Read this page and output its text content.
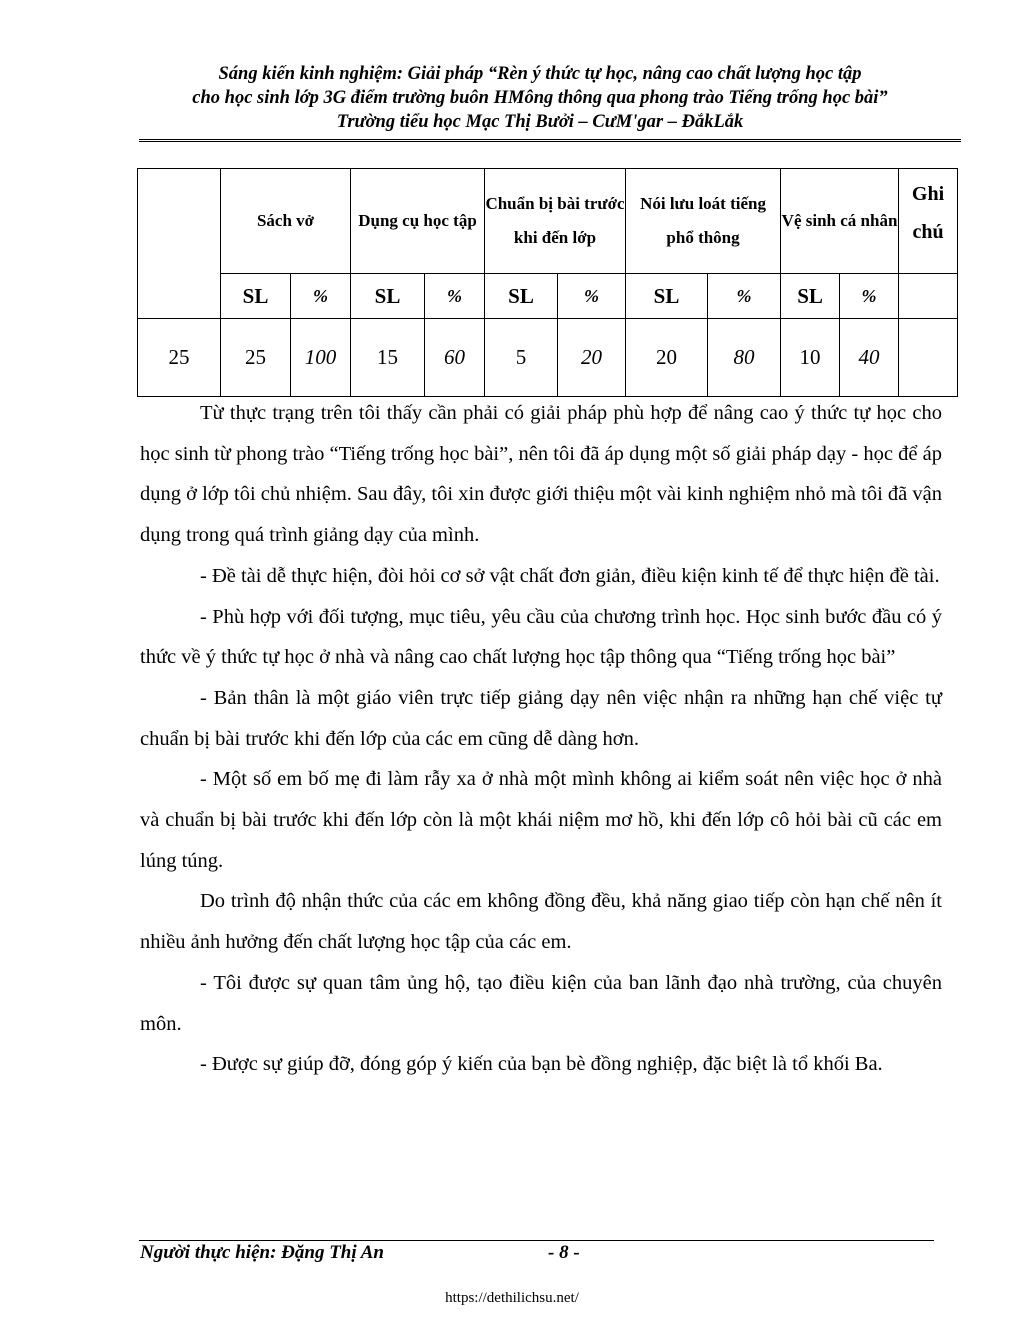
Sáng kiến kinh nghiệm: Giải pháp “Rèn ý thức tự học, nâng cao chất lượng học tập
cho học sinh lớp 3G điểm trường buôn HMông thông qua phong trào Tiếng trống học bài”
Trường tiểu học Mạc Thị Bưởi – CưM'gar – ĐắkLắk
	Sách vở		Dụng cụ học tập		Chuẩn bị bài trước khi đến lớp		Nói lưu loát tiếng phổ thông		Vệ sinh cá nhân		Ghi chú
	SL	%	SL	%	SL	%	SL	%	SL	%	
25	25	100	15	60	5	20	20	80	10	40	

Từ thực trạng trên tôi thấy cần phải có giải pháp phù hợp để nâng cao ý thức tự học cho học sinh từ phong trào “Tiếng trống học bài”, nên tôi đã áp dụng một số giải pháp dạy - học để áp dụng ở lớp tôi chủ nhiệm. Sau đây, tôi xin được giới thiệu một vài kinh nghiệm nhỏ mà tôi đã vận dụng trong quá trình giảng dạy của mình.

- Đề tài dễ thực hiện, đòi hỏi cơ sở vật chất đơn giản, điều kiện kinh tế để thực hiện đề tài.

- Phù hợp với đối tượng, mục tiêu, yêu cầu của chương trình học. Học sinh bước đầu có ý thức về ý thức tự học ở nhà và nâng cao chất lượng học tập thông qua “Tiếng trống học bài”

- Bản thân là một giáo viên trực tiếp giảng dạy nên việc nhận ra những hạn chế việc tự chuẩn bị bài trước khi đến lớp của các em cũng dễ dàng hơn.

- Một số em bố mẹ đi làm rẫy xa ở nhà một mình không ai kiểm soát nên việc học ở nhà và chuẩn bị bài trước khi đến lớp còn là một khái niệm mơ hồ, khi đến lớp cô hỏi bài cũ các em lúng túng.

Do trình độ nhận thức của các em không đồng đều, khả năng giao tiếp còn hạn chế nên ít nhiều ảnh hưởng đến chất lượng học tập của các em.

- Tôi được sự quan tâm ủng hộ, tạo điều kiện của ban lãnh đạo nhà trường, của chuyên môn.

- Được sự giúp đỡ, đóng góp ý kiến của bạn bè đồng nghiệp, đặc biệt là tổ khối Ba.

Người thực hiện: Đặng Thị An	- 8 -
https://dethilichsu.net/
